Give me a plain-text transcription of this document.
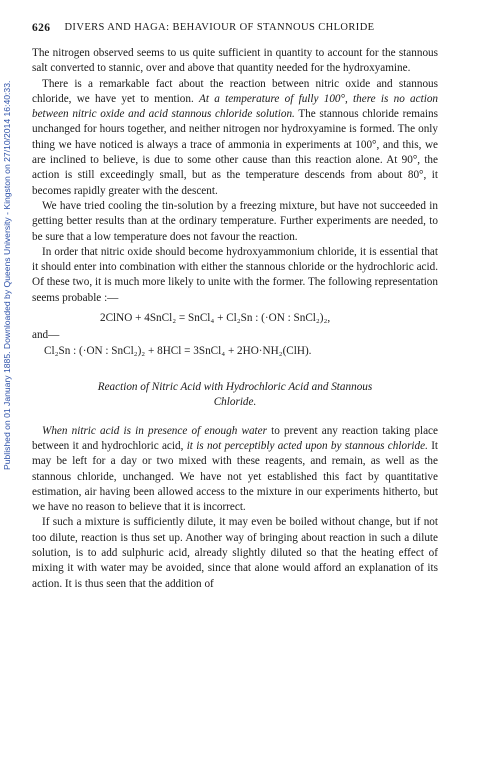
Published on 01 January 1885. Downloaded by Queens University - Kingston on 27/10/2014 16:40:33.
626 DIVERS AND HAGA: BEHAVIOUR OF STANNOUS CHLORIDE

The nitrogen observed seems to us quite sufficient in quantity to account for the stannous salt converted to stannic, over and above that quantity needed for the hydroxyamine.

There is a remarkable fact about the reaction between nitric oxide and stannous chloride, we have yet to mention. At a temperature of fully 100°, there is no action between nitric oxide and acid stannous chloride solution. The stannous chloride remains unchanged for hours together, and neither nitrogen nor hydroxyamine is formed. The only thing we have noticed is always a trace of ammonia in experiments at 100°, and this, we are inclined to believe, is due to some other cause than this reaction alone. At 90°, the action is still exceedingly small, but as the temperature descends from about 80°, it becomes rapidly greater with the descent.

We have tried cooling the tin-solution by a freezing mixture, but have not succeeded in getting better results than at the ordinary temperature. Further experiments are needed, to be sure that a low temperature does not favour the reaction.

In order that nitric oxide should become hydroxyammonium chloride, it is essential that it should enter into combination with either the stannous chloride or the hydrochloric acid. Of these two, it is much more likely to unite with the former. The following representation seems probable :—

2ClNO + 4SnCl₂ = SnCl₄ + Cl₂Sn : (·ON : SnCl₂)₂,
and—
Cl₂Sn : (·ON : SnCl₂)₂ + 8HCl = 3SnCl₄ + 2HO·NH₂(ClH).
Reaction of Nitric Acid with Hydrochloric Acid and Stannous
Chloride.

When nitric acid is in presence of enough water to prevent any reaction taking place between it and hydrochloric acid, it is not perceptibly acted upon by stannous chloride. It may be left for a day or two mixed with these reagents, and remain, as well as the stannous chloride, unchanged. We have not yet established this fact by quantitative estimation, air having been allowed access to the mixture in our experiments hitherto, but we have no reason to believe that it is incorrect.

If such a mixture is sufficiently dilute, it may even be boiled without change, but if not too dilute, reaction is thus set up. Another way of bringing about reaction in such a dilute solution, is to add sulphuric acid, already slightly diluted so that the heating effect of mixing it with water may be avoided, since that alone would afford an explanation of its action. It is thus seen that the addition of
